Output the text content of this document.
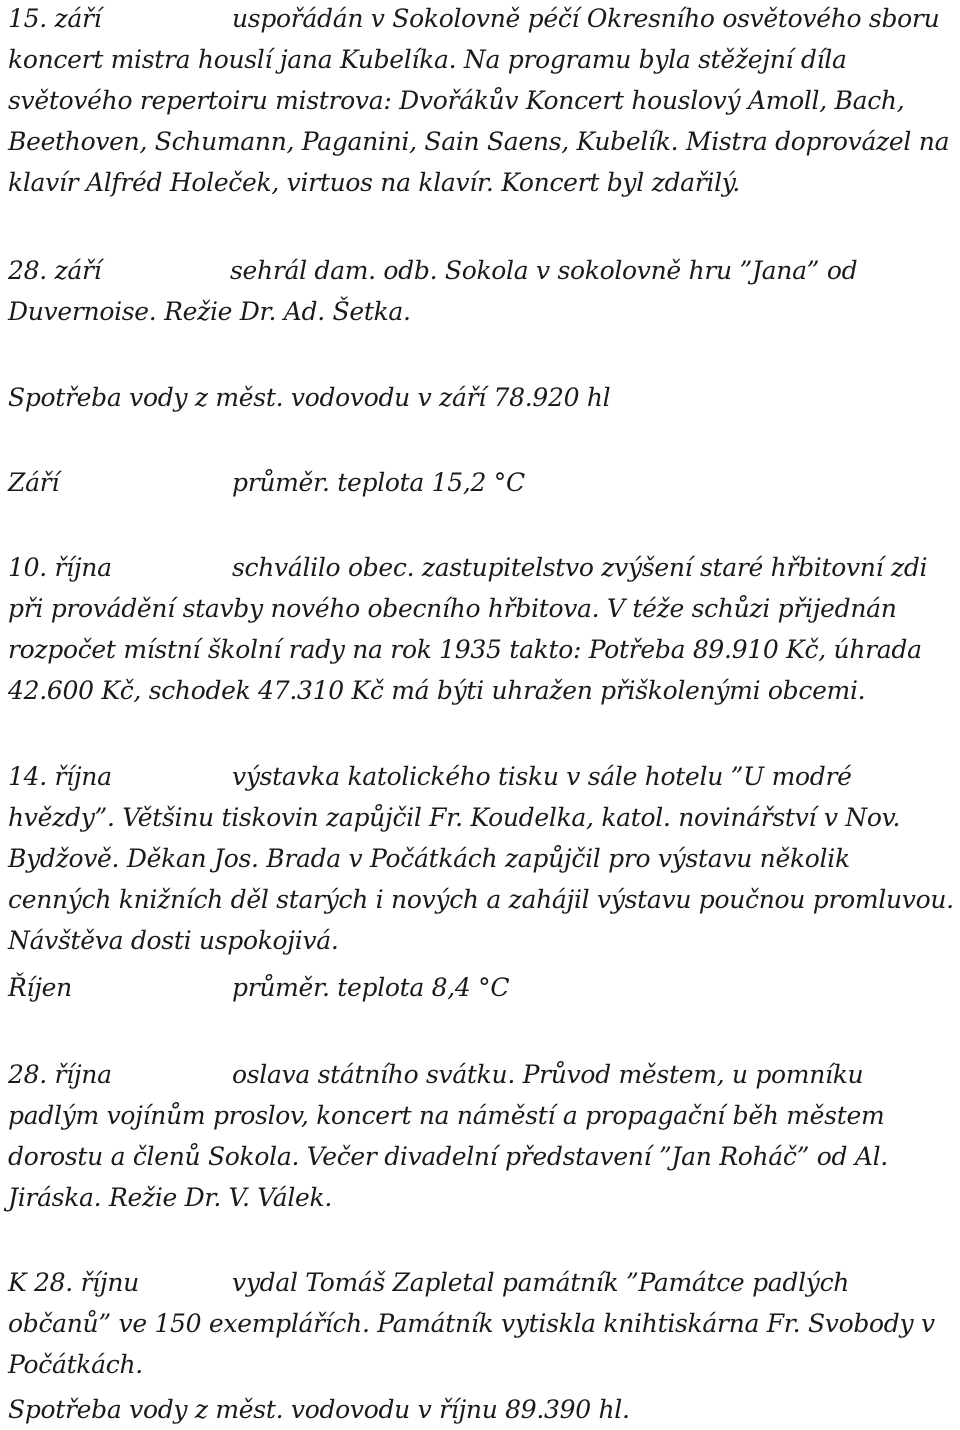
15. září	uspořádán v Sokolovně péčí Okresního osvětového sboru koncert mistra houslí jana Kubelíka. Na programu byla stěžejní díla světového repertoiru mistrova: Dvořákův Koncert houslový Amoll, Bach, Beethoven, Schumann, Paganini, Sain Saens, Kubelík. Mistra doprovázel na klavír Alfréd Holeček, virtuos na klavír. Koncert byl zdařilý.

28. září	sehrál dam. odb. Sokola v sokolovně hru ”Jana” od Duvernoise. Režie Dr. Ad. Šetka.

Spotřeba vody z měst. vodovodu v září 78.920 hl

Září	průměr. teplota 15,2 °C

10. října	schválilo obec. zastupitelstvo zvýšení staré hřbitovní zdi při provádění stavby nového obecního hřbitova. V téže schůzi přijednán rozpočet místní školní rady na rok 1935 takto: Potřeba 89.910 Kč, úhrada 42.600 Kč, schodek 47.310 Kč má býti uhražen přiškolenými obcemi.

14. října	výstavka katolického tisku v sále hotelu ”U modré hvězdy”. Většinu tiskovin zapůjčil Fr. Koudelka, katol. novinářství v Nov. Bydžově. Děkan Jos. Brada v Počátkách zapůjčil pro výstavu několik cenných knižních děl starých i nových a zahájil výstavu poučnou promluvou. Návštěva dosti uspokojivá.

Říjen	průměr. teplota 8,4 °C

28. října	oslava státního svátku. Průvod městem, u pomníku padlým vojínům proslov, koncert na náměstí a propagační běh městem dorostu a členů Sokola. Večer divadelní představení ”Jan Roháč” od Al. Jiráska. Režie Dr. V. Válek.

K 28. říjnu	vydal Tomáš Zapletal památník ”Památce padlých občanů” ve 150 exemplářích. Památník vytiskla knihtiskárna Fr. Svobody v Počátkách.

Spotřeba vody z měst. vodovodu v říjnu 89.390 hl.
